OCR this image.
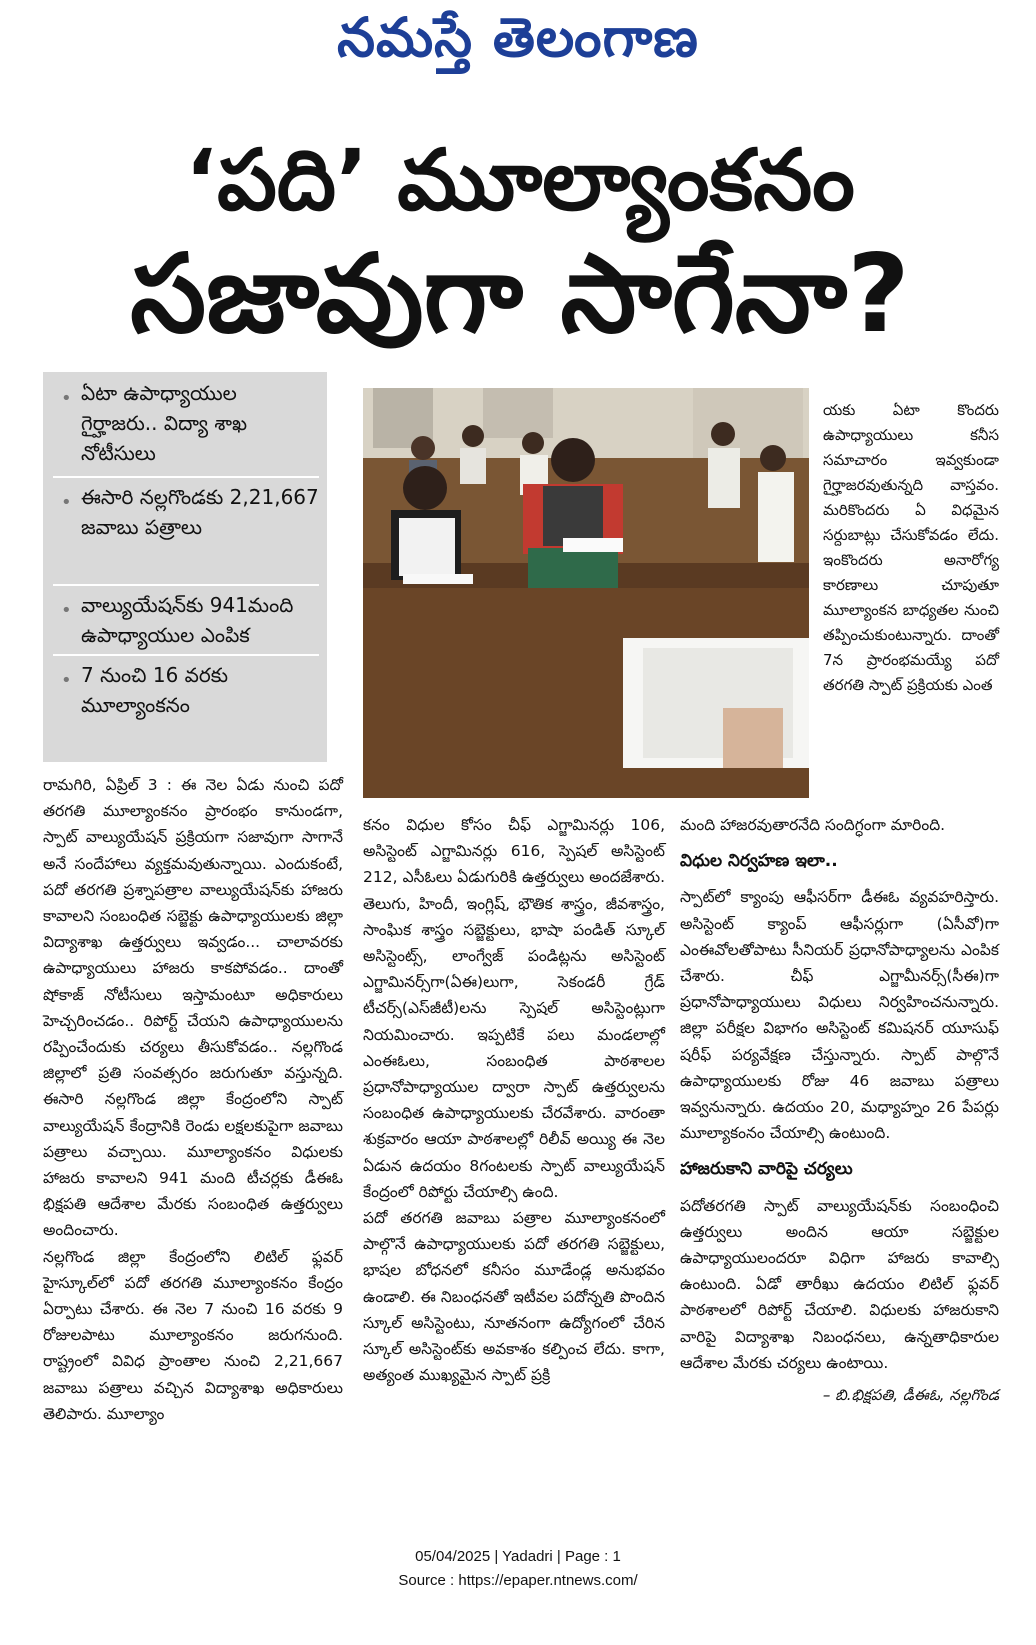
నమస్తే తెలంగాణ
‘పది’ మూల్యాంకనం
సజావుగా సాగేనా?
• ఏటా ఉపాధ్యాయుల గైర్హాజరు.. విద్యా శాఖ నోటీసులు
• ఈసారి నల్లగొండకు 2,21,667 జవాబు పత్రాలు
• వాల్యుయేషన్‌కు 941మంది ఉపాధ్యాయుల ఎంపిక
• 7 నుంచి 16 వరకు మూల్యాంకనం

యకు ఏటా కొందరు ఉపాధ్యాయులు కనీస సమాచారం ఇవ్వకుండా గైర్హాజరవుతున్నది వాస్తవం. మరికొందరు ఏ విధమైన సర్దుబాట్లు చేసుకోవడం లేదు. ఇంకొందరు అనారోగ్య కారణాలు చూపుతూ మూల్యాంకన బాధ్యతల నుంచి తప్పించుకుంటున్నారు. దాంతో 7న ప్రారంభమయ్యే పదో తరగతి స్పాట్ ప్రక్రియకు ఎంత

రామగిరి, ఏప్రిల్ 3 : ఈ నెల ఏడు నుంచి పదో తరగతి మూల్యాంకనం ప్రారంభం కానుండగా, స్పాట్ వాల్యుయేషన్ ప్రక్రియగా సజావుగా సాగానే అనే సందేహాలు వ్యక్తమవుతున్నాయి. ఎందుకంటే, పదో తరగతి ప్రశ్నాపత్రాల వాల్యుయేషన్‌కు హాజరు కావాలని సంబంధిత సబ్జెక్టు ఉపాధ్యాయులకు జిల్లా విద్యాశాఖ ఉత్తర్వులు ఇవ్వడం... చాలావరకు ఉపాధ్యాయులు హాజరు కాకపోవడం.. దాంతో షోకాజ్ నోటీసులు ఇస్తామంటూ అధికారులు హెచ్చరించడం.. రిపోర్ట్ చేయని ఉపాధ్యాయులను రప్పించేందుకు చర్యలు తీసుకోవడం.. నల్లగొండ జిల్లాలో ప్రతి సంవత్సరం జరుగుతూ వస్తున్నది. ఈసారి నల్లగొండ జిల్లా కేంద్రంలోని స్పాట్ వాల్యుయేషన్ కేంద్రానికి రెండు లక్షలకుపైగా జవాబు పత్రాలు వచ్చాయి. మూల్యాంకనం విధులకు హాజరు కావాలని 941 మంది టీచర్లకు డీఈఓ భిక్షపతి ఆదేశాల మేరకు సంబంధిత ఉత్తర్వులు అందించారు.

నల్లగొండ జిల్లా కేంద్రంలోని లిటిల్ ఫ్లవర్ హైస్కూల్‌లో పదో తరగతి మూల్యాంకనం కేంద్రం ఏర్పాటు చేశారు. ఈ నెల 7 నుంచి 16 వరకు 9 రోజులపాటు మూల్యాంకనం జరుగనుంది. రాష్ట్రంలో వివిధ ప్రాంతాల నుంచి 2,21,667 జవాబు పత్రాలు వచ్చిన విద్యాశాఖ అధికారులు తెలిపారు. మూల్యాం

కనం విధుల కోసం చీఫ్ ఎగ్జామినర్లు 106, అసిస్టెంట్ ఎగ్జామినర్లు 616, స్పెషల్ అసిస్టెంట్ 212, ఎసీఓలు ఏడుగురికి ఉత్తర్వులు అందజేశారు. తెలుగు, హిందీ, ఇంగ్లిష్, భౌతిక శాస్త్రం, జీవశాస్త్రం, సాంఘిక శాస్త్రం సబ్జెక్టులు, భాషా పండిత్ స్కూల్ అసిస్టెంట్స్, లాంగ్వేజ్ పండిట్లను అసిస్టెంట్ ఎగ్జామినర్స్‌గా(ఏఈ)లుగా, సెకండరీ గ్రేడ్ టీచర్స్(ఎస్‌జీటీ)లను స్పెషల్ అసిస్టెంట్లుగా నియమించారు. ఇప్పటికే పలు మండలాల్లో ఎంఈఓలు, సంబంధిత పాఠశాలల ప్రధానోపాధ్యాయుల ద్వారా స్పాట్ ఉత్తర్వులను సంబంధిత ఉపాధ్యాయులకు చేరవేశారు. వారంతా శుక్రవారం ఆయా పాఠశాలల్లో రిలీవ్ అయ్యి ఈ నెల ఏడున ఉదయం 8గంటలకు స్పాట్ వాల్యుయేషన్ కేంద్రంలో రిపోర్టు చేయాల్సి ఉంది.

పదో తరగతి జవాబు పత్రాల మూల్యాంకనంలో పాల్గొనే ఉపాధ్యాయులకు పదో తరగతి సబ్జెక్టులు, భాషల బోధనలో కనీసం మూడేండ్ల అనుభవం ఉండాలి. ఈ నిబంధనతో ఇటీవల పదోన్నతి పొందిన స్కూల్ అసిస్టెంటు, నూతనంగా ఉద్యోగంలో చేరిన స్కూల్ అసిస్టెంట్‌కు అవకాశం కల్పించ లేదు. కాగా, అత్యంత ముఖ్యమైన స్పాట్ ప్రక్రి

మంది హాజరవుతారనేది సందిగ్ధంగా మారింది.

విధుల నిర్వహణ ఇలా..

స్పాట్‌లో క్యాంపు ఆఫీసర్‌గా డీఈఓ వ్యవహరిస్తారు. అసిస్టెంట్ క్యాంప్ ఆఫీసర్లుగా (ఏసీవో)గా ఎంఈవోలతోపాటు సీనియర్ ప్రధానోపాధ్యాలను ఎంపిక చేశారు. చీఫ్ ఎగ్జామీనర్స్(సీఈ)గా ప్రధానోపాధ్యాయులు విధులు నిర్వహించనున్నారు. జిల్లా పరీక్షల విభాగం అసిస్టెంట్ కమిషనర్ యూసుఫ్ షరీఫ్ పర్యవేక్షణ చేస్తున్నారు. స్పాట్ పాల్గొనే ఉపాధ్యాయులకు రోజు 46 జవాబు పత్రాలు ఇవ్వనున్నారు. ఉదయం 20, మధ్యాహ్నం 26 పేపర్లు మూల్యాకంనం చేయాల్సి ఉంటుంది.

హాజరుకాని వారిపై చర్యలు

పదోతరగతి స్పాట్ వాల్యుయేషన్‌కు సంబంధించి ఉత్తర్వులు అందిన ఆయా సబ్జెక్టుల ఉపాధ్యాయులందరూ విధిగా హాజరు కావాల్సి ఉంటుంది. ఏడో తారీఖు ఉదయం లిటిల్ ఫ్లవర్ పాఠశాలలో రిపోర్ట్ చేయాలి. విధులకు హాజరుకాని వారిపై విద్యాశాఖ నిబంధనలు, ఉన్నతాధికారుల ఆదేశాల మేరకు చర్యలు ఉంటాయి.

– బి.భిక్షపతి, డీఈఓ, నల్లగొండ
05/04/2025 | Yadadri | Page : 1
Source : https://epaper.ntnews.com/
